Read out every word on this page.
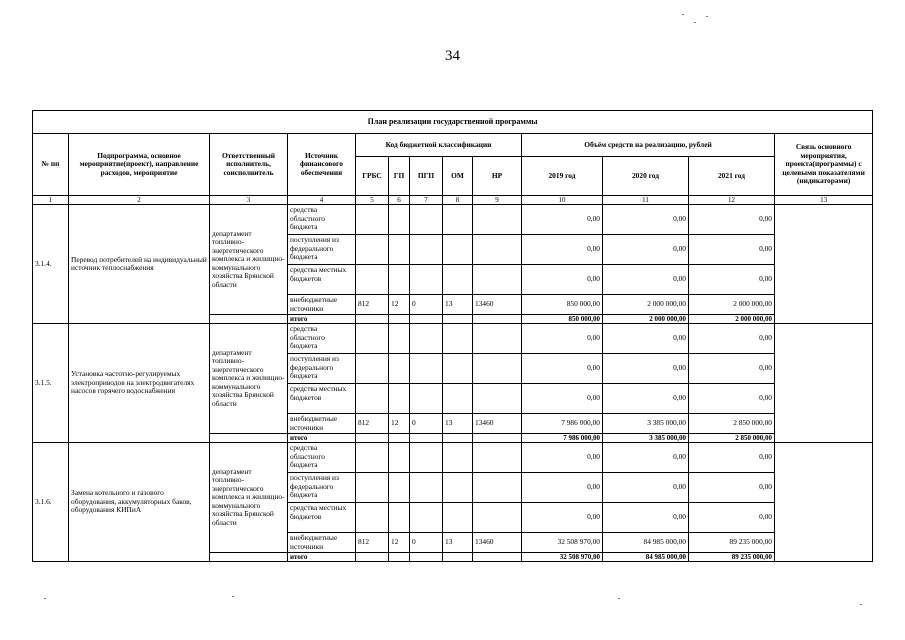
34
План реализации государственной программы												
№ пп	Подпрограмма, основное мероприятие(проект), направление расходов, мероприятие	Ответственный исполнитель, соисполнитель	Источник финансового обеспечения	Код бюджетной классификации					Объём средств на реализацию, рублей			Связь основного мероприятия, проекта(программы) с целевыми показателями (индикаторами)
				ГРБС	ГП	ПГП	ОМ	НР	2019 год	2020 год	2021 год	
1	2	3	4	5	6	7	8	9	10	11	12	13
3.1.4.	Перевод потребителей на индивидуальный источник теплоснабжения	департамент топливно-энергетического комплекса и жилищно-коммунального хозяйства Брянской области	средства областного бюджета						0,00	0,00	0,00	
			поступления из федерального бюджета						0,00	0,00	0,00	
			средства местных бюджетов						0,00	0,00	0,00	
			внебюджетные источники	812	12	0	13	13460	850 000,00	2 000 000,00	2 000 000,00	
			итого						850 000,00	2 000 000,00	2 000 000,00	
3.1.5.	Установка частотно-регулируемых электроприводов на электродвигателях насосов горячего водоснабжения	департамент топливно-энергетического комплекса и жилищно-коммунального хозяйства Брянской области	средства областного бюджета						0,00	0,00	0,00	
			поступления из федерального бюджета						0,00	0,00	0,00	
			средства местных бюджетов						0,00	0,00	0,00	
			внебюджетные источники	812	12	0	13	13460	7 986 000,00	3 385 000,00	2 850 000,00	
			итого						7 986 000,00	3 385 000,00	2 850 000,00	
3.1.6.	Замена котельного и газового оборудования, аккумуляторных баков, оборудования КИПиА	департамент топливно-энергетического комплекса и жилищно-коммунального хозяйства Брянской области	средства областного бюджета						0,00	0,00	0,00	
			поступления из федерального бюджета						0,00	0,00	0,00	
			средства местных бюджетов						0,00	0,00	0,00	
			внебюджетные источники	812	12	0	13	13460	32 508 970,00	84 985 000,00	89 235 000,00	
			итого						32 508 970,00	84 985 000,00	89 235 000,00	
